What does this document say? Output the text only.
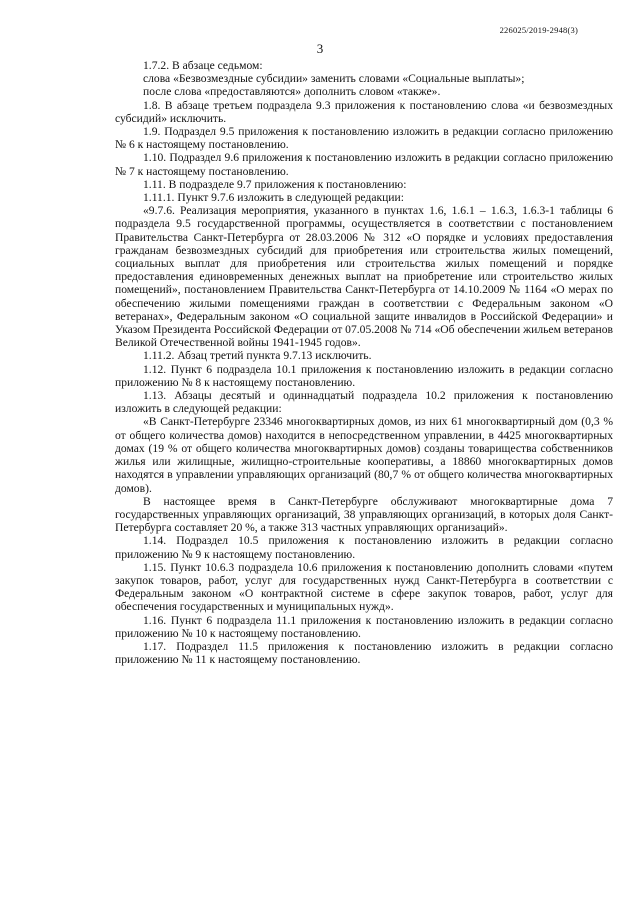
226025/2019-2948(3)
3

1.7.2. В абзаце седьмом:

слова «Безвозмездные субсидии» заменить словами «Социальные выплаты»;

после слова «предоставляются» дополнить словом «также».

1.8. В абзаце третьем подраздела 9.3 приложения к постановлению слова «и безвозмездных субсидий» исключить.

1.9. Подраздел 9.5 приложения к постановлению изложить в редакции согласно приложению № 6 к настоящему постановлению.

1.10. Подраздел 9.6 приложения к постановлению изложить в редакции согласно приложению № 7 к настоящему постановлению.

1.11. В подразделе 9.7 приложения к постановлению:

1.11.1. Пункт 9.7.6 изложить в следующей редакции:

«9.7.6. Реализация мероприятия, указанного в пунктах 1.6, 1.6.1 – 1.6.3, 1.6.3-1 таблицы 6 подраздела 9.5 государственной программы, осуществляется в соответствии с постановлением Правительства Санкт-Петербурга от 28.03.2006 № 312 «О порядке и условиях предоставления гражданам безвозмездных субсидий для приобретения или строительства жилых помещений, социальных выплат для приобретения или строительства жилых помещений и порядке предоставления единовременных денежных выплат на приобретение или строительство жилых помещений», постановлением Правительства Санкт-Петербурга от 14.10.2009 № 1164 «О мерах по обеспечению жилыми помещениями граждан в соответствии с Федеральным законом «О ветеранах», Федеральным законом «О социальной защите инвалидов в Российской Федерации» и Указом Президента Российской Федерации от 07.05.2008 № 714 «Об обеспечении жильем ветеранов Великой Отечественной войны 1941-1945 годов».

1.11.2. Абзац третий пункта 9.7.13 исключить.

1.12. Пункт 6 подраздела 10.1 приложения к постановлению изложить в редакции согласно приложению № 8 к настоящему постановлению.

1.13. Абзацы десятый и одиннадцатый подраздела 10.2 приложения к постановлению изложить в следующей редакции:

«В Санкт-Петербурге 23346 многоквартирных домов, из них 61 многоквартирный дом (0,3 % от общего количества домов) находится в непосредственном управлении, в 4425 многоквартирных домах (19 % от общего количества многоквартирных домов) созданы товарищества собственников жилья или жилищные, жилищно-строительные кооперативы, а 18860 многоквартирных домов находятся в управлении управляющих организаций (80,7 % от общего количества многоквартирных домов).

В настоящее время в Санкт-Петербурге обслуживают многоквартирные дома 7 государственных управляющих организаций, 38 управляющих организаций, в которых доля Санкт-Петербурга составляет 20 %, а также 313 частных управляющих организаций».

1.14. Подраздел 10.5 приложения к постановлению изложить в редакции согласно приложению № 9 к настоящему постановлению.

1.15. Пункт 10.6.3 подраздела 10.6 приложения к постановлению дополнить словами «путем закупок товаров, работ, услуг для государственных нужд Санкт-Петербурга в соответствии с Федеральным законом «О контрактной системе в сфере закупок товаров, работ, услуг для обеспечения государственных и муниципальных нужд».

1.16. Пункт 6 подраздела 11.1 приложения к постановлению изложить в редакции согласно приложению № 10 к настоящему постановлению.

1.17. Подраздел 11.5 приложения к постановлению изложить в редакции согласно приложению № 11 к настоящему постановлению.
